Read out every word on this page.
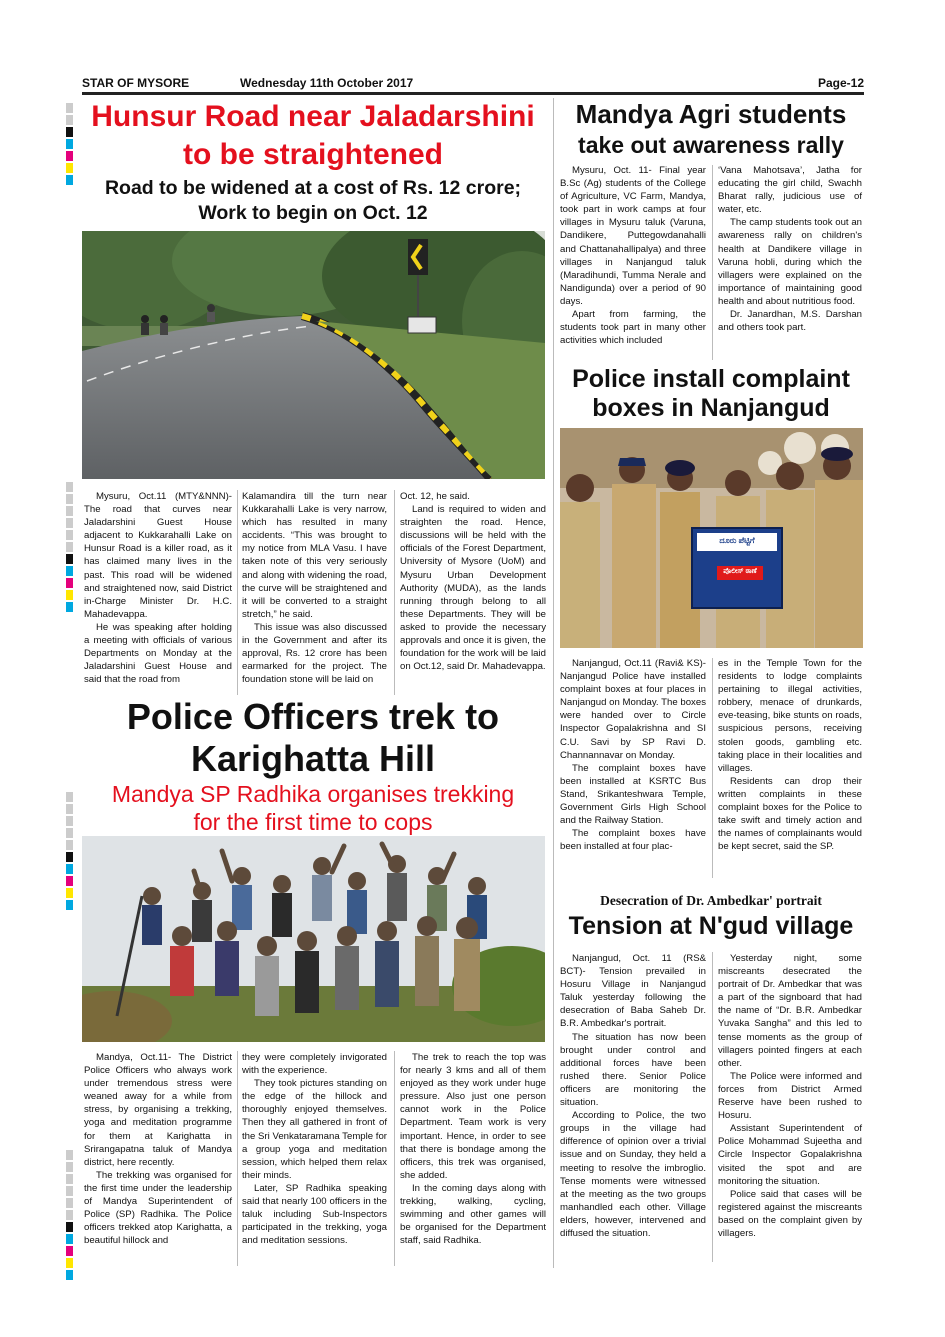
STAR OF MYSORE	Wednesday 11th October 2017	Page-12
Hunsur Road near Jaladarshini
to be straightened
Road to be widened at a cost of Rs. 12 crore;
Work to begin on Oct. 12

Mysuru, Oct.11 (MTY&NNN)- The road that curves near Jaladarshini Guest House adjacent to Kukkarahalli Lake on Hunsur Road is a killer road, as it has claimed many lives in the past. This road will be widened and straightened now, said District in-Charge Minister Dr. H.C. Mahadevappa.

He was speaking after holding a meeting with officials of various Departments on Monday at the Jaladarshini Guest House and said that the road from

Kalamandira till the turn near Kukkarahalli Lake is very narrow, which has resulted in many accidents. “This was brought to my notice from MLA Vasu. I have taken note of this very seriously and along with widening the road, the curve will be straightened and it will be converted to a straight stretch,” he said.

This issue was also discussed in the Government and after its approval, Rs. 12 crore has been earmarked for the project. The foundation stone will be laid on

Oct. 12, he said.

Land is required to widen and straighten the road. Hence, discussions will be held with the officials of the Forest Department, University of Mysore (UoM) and Mysuru Urban Development Authority (MUDA), as the lands running through belong to all these Departments. They will be asked to provide the necessary approvals and once it is given, the foundation for the work will be laid on Oct.12, said Dr. Mahadevappa.

Police Officers trek to
Karighatta Hill
Mandya SP Radhika organises trekking
for the first time to cops

Mandya, Oct.11- The District Police Officers who always work under tremendous stress were weaned away for a while from stress, by organising a trekking, yoga and meditation programme for them at Karighatta in Srirangapatna taluk of Mandya district, here recently.

The trekking was organised for the first time under the leadership of Mandya Superintendent of Police (SP) Radhika. The Police officers trekked atop Karighatta, a beautiful hillock and

they were completely invigorated with the experience.

They took pictures standing on the edge of the hillock and thoroughly enjoyed themselves. Then they all gathered in front of the Sri Venkataramana Temple for a group yoga and meditation session, which helped them relax their minds.

Later, SP Radhika speaking said that nearly 100 officers in the taluk including Sub-Inspectors participated in the trekking, yoga and meditation sessions.

The trek to reach the top was for nearly 3 kms and all of them enjoyed as they work under huge pressure. Also just one person cannot work in the Police Department. Team work is very important. Hence, in order to see that there is bondage among the officers, this trek was organised, she added.

In the coming days along with trekking, walking, cycling, swimming and other games will be organised for the Department staff, said Radhika.

Mandya Agri students
take out awareness rally

Mysuru, Oct. 11- Final year B.Sc (Ag) students of the College of Agriculture, VC Farm, Mandya, took part in work camps at four villages in Mysuru taluk (Varuna, Dandikere, Puttegowdanahalli and Chattanahallipalya) and three villages in Nanjangud taluk (Maradihundi, Tumma Nerale and Nandigunda) over a period of 90 days.

Apart from farming, the students took part in many other activities which included

‘Vana Mahotsava’, Jatha for educating the girl child, Swachh Bharat rally, judicious use of water, etc.

The camp students took out an awareness rally on children's health at Dandikere village in Varuna hobli, during which the villagers were explained on the importance of maintaining good health and about nutritious food.

Dr. Janardhan, M.S. Darshan and others took part.

Police install complaint
boxes in Nanjangud
ದೂರು ಪೆಟ್ಟಿಗೆ
ಪೊಲೀಸ್ ಠಾಣೆ

Nanjangud, Oct.11 (Ravi& KS)- Nanjangud Police have installed complaint boxes at four places in Nanjangud on Monday. The boxes were handed over to Circle Inspector Gopalakrishna and SI C.U. Savi by SP Ravi D. Channannavar on Monday.

The complaint boxes have been installed at KSRTC Bus Stand, Srikanteshwara Temple, Government Girls High School and the Railway Station.

The complaint boxes have been installed at four plac-

es in the Temple Town for the residents to lodge complaints pertaining to illegal activities, robbery, menace of drunkards, eve-teasing, bike stunts on roads, suspicious persons, receiving stolen goods, gambling etc. taking place in their localities and villages.

Residents can drop their written complaints in these complaint boxes for the Police to take swift and timely action and the names of complainants would be kept secret, said the SP.

Desecration of Dr. Ambedkar' portrait
Tension at N'gud village

Nanjangud, Oct. 11 (RS& BCT)- Tension prevailed in Hosuru Village in Nanjangud Taluk yesterday following the desecration of Baba Saheb Dr. B.R. Ambedkar's portrait.

The situation has now been brought under control and additional forces have been rushed there. Senior Police officers are monitoring the situation.

According to Police, the two groups in the village had difference of opinion over a trivial issue and on Sunday, they held a meeting to resolve the imbroglio. Tense moments were witnessed at the meeting as the two groups manhandled each other. Village elders, however, intervened and diffused the situation.

Yesterday night, some miscreants desecrated the portrait of Dr. Ambedkar that was a part of the signboard that had the name of “Dr. B.R. Ambedkar Yuvaka Sangha” and this led to tense moments as the group of villagers pointed fingers at each other.

The Police were informed and forces from District Armed Reserve have been rushed to Hosuru.

Assistant Superintendent of Police Mohammad Sujeetha and Circle Inspector Gopalakrishna visited the spot and are monitoring the situation.

Police said that cases will be registered against the miscreants based on the complaint given by villagers.
